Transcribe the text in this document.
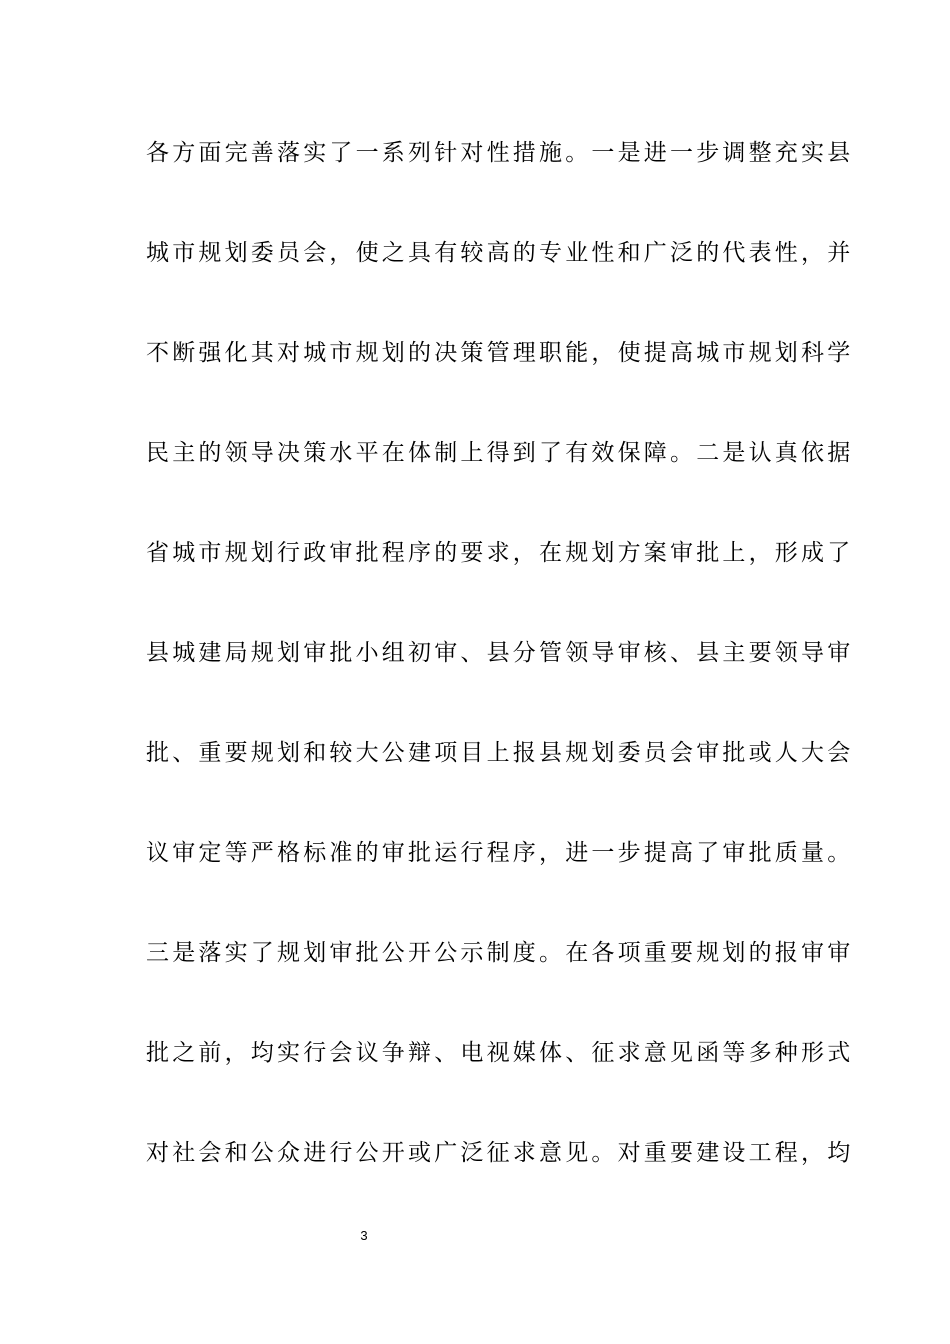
各方面完善落实了一系列针对性措施。一是进一步调整充实县
城市规划委员会，使之具有较高的专业性和广泛的代表性，并
不断强化其对城市规划的决策管理职能，使提高城市规划科学
民主的领导决策水平在体制上得到了有效保障。二是认真依据
省城市规划行政审批程序的要求，在规划方案审批上，形成了
县城建局规划审批小组初审、县分管领导审核、县主要领导审
批、重要规划和较大公建项目上报县规划委员会审批或人大会
议审定等严格标准的审批运行程序，进一步提高了审批质量。
三是落实了规划审批公开公示制度。在各项重要规划的报审审
批之前，均实行会议争辩、电视媒体、征求意见函等多种形式
对社会和公众进行公开或广泛征求意见。对重要建设工程，均
3
